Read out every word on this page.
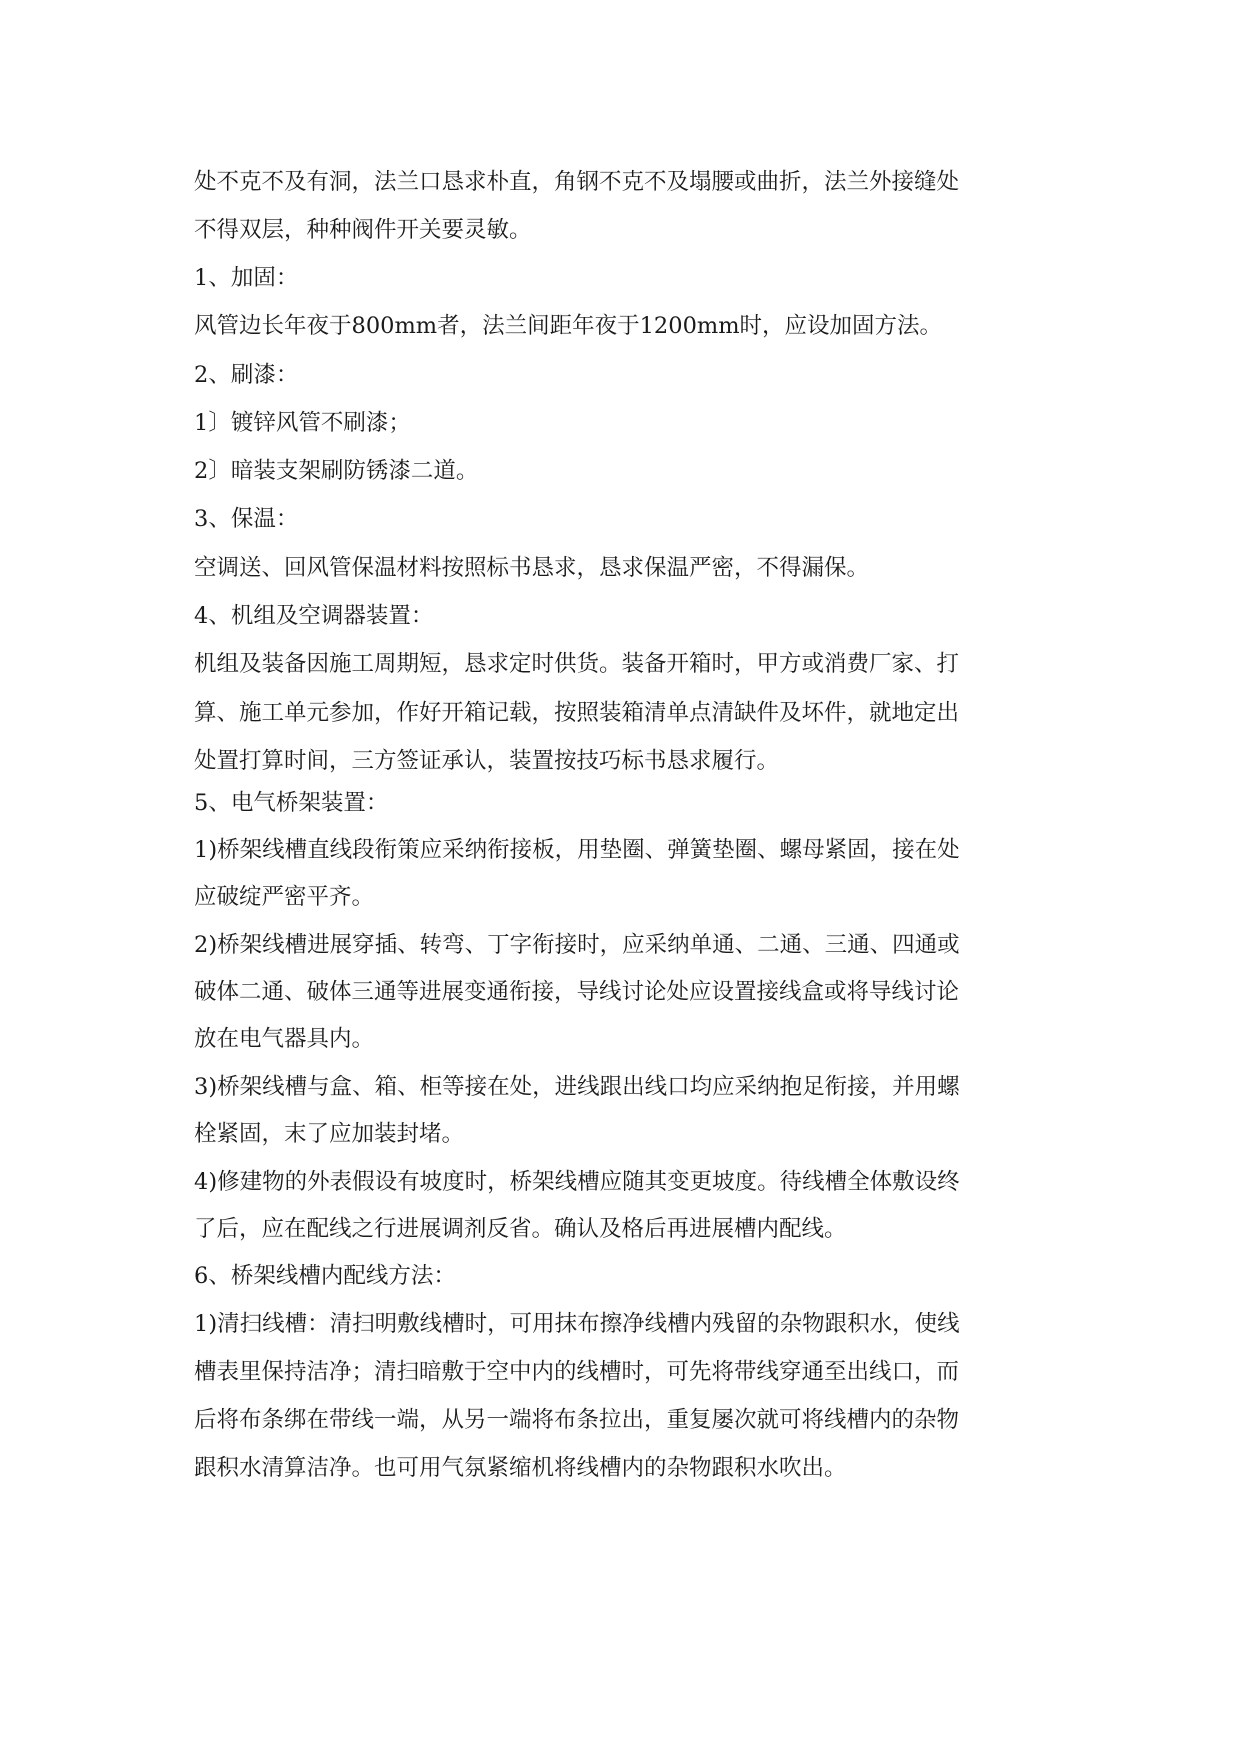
处不克不及有洞，法兰口恳求朴直，角钢不克不及塌腰或曲折，法兰外接缝处
不得双层，种种阀件开关要灵敏。
1、加固：
风管边长年夜于800mm者，法兰间距年夜于1200mm时，应设加固方法。
2、刷漆：
1〕镀锌风管不刷漆；
2〕暗装支架刷防锈漆二道。
3、保温：
空调送、回风管保温材料按照标书恳求，恳求保温严密，不得漏保。
4、机组及空调器装置：
机组及装备因施工周期短，恳求定时供货。装备开箱时，甲方或消费厂家、打
算、施工单元参加，作好开箱记载，按照装箱清单点清缺件及坏件，就地定出
处置打算时间，三方签证承认，装置按技巧标书恳求履行。
5、电气桥架装置：
1)桥架线槽直线段衔策应采纳衔接板，用垫圈、弹簧垫圈、螺母紧固，接在处
应破绽严密平齐。
2)桥架线槽进展穿插、转弯、丁字衔接时，应采纳单通、二通、三通、四通或
破体二通、破体三通等进展变通衔接，导线讨论处应设置接线盒或将导线讨论
放在电气器具内。
3)桥架线槽与盒、箱、柜等接在处，进线跟出线口均应采纳抱足衔接，并用螺
栓紧固，末了应加装封堵。
4)修建物的外表假设有坡度时，桥架线槽应随其变更坡度。待线槽全体敷设终
了后，应在配线之行进展调剂反省。确认及格后再进展槽内配线。
6、桥架线槽内配线方法：
1)清扫线槽：清扫明敷线槽时，可用抹布擦净线槽内残留的杂物跟积水，使线
槽表里保持洁净；清扫暗敷于空中内的线槽时，可先将带线穿通至出线口，而
后将布条绑在带线一端，从另一端将布条拉出，重复屡次就可将线槽内的杂物
跟积水清算洁净。也可用气氛紧缩机将线槽内的杂物跟积水吹出。
